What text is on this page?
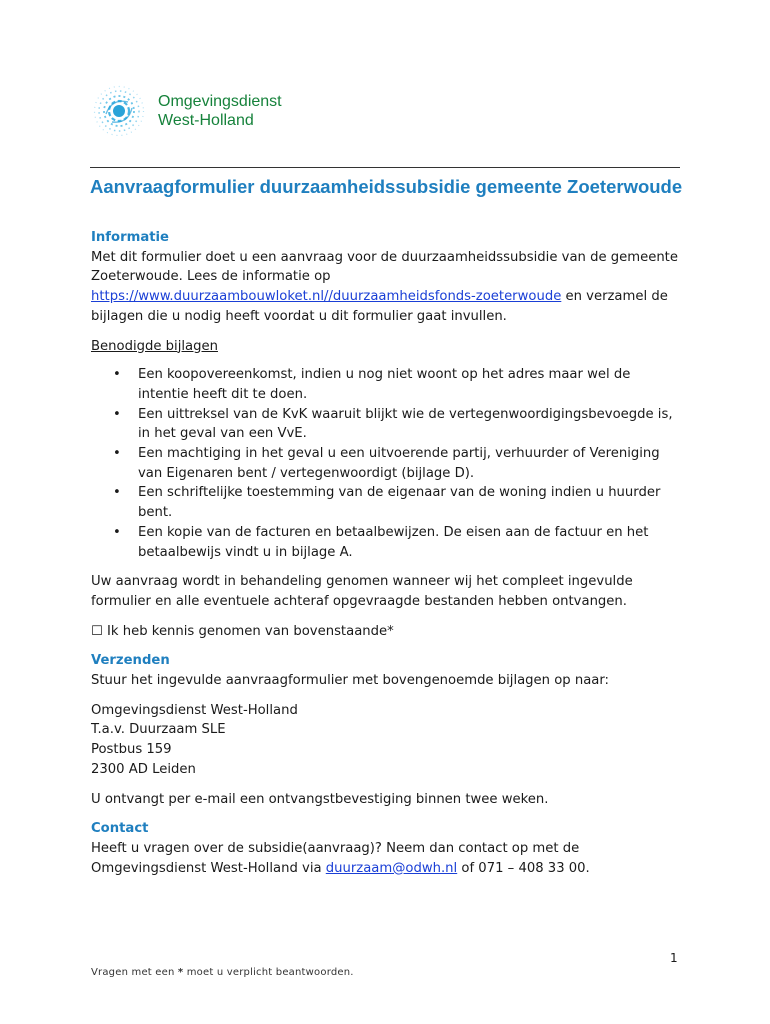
Omgevingsdienst
West-Holland
Aanvraagformulier duurzaamheidssubsidie gemeente Zoeterwoude

Informatie

Met dit formulier doet u een aanvraag voor de duurzaamheidssubsidie van de gemeente Zoeterwoude. Lees de informatie op https://www.duurzaambouwloket.nl//duurzaamheidsfonds-zoeterwoude en verzamel de bijlagen die u nodig heeft voordat u dit formulier gaat invullen.

Benodigde bijlagen

• Een koopovereenkomst, indien u nog niet woont op het adres maar wel de intentie heeft dit te doen.
• Een uittreksel van de KvK waaruit blijkt wie de vertegenwoordigingsbevoegde is, in het geval van een VvE.
• Een machtiging in het geval u een uitvoerende partij, verhuurder of Vereniging van Eigenaren bent / vertegenwoordigt (bijlage D).
• Een schriftelijke toestemming van de eigenaar van de woning indien u huurder bent.
• Een kopie van de facturen en betaalbewijzen. De eisen aan de factuur en het betaalbewijs vindt u in bijlage A.

Uw aanvraag wordt in behandeling genomen wanneer wij het compleet ingevulde formulier en alle eventuele achteraf opgevraagde bestanden hebben ontvangen.

☐ Ik heb kennis genomen van bovenstaande*

Verzenden

Stuur het ingevulde aanvraagformulier met bovengenoemde bijlagen op naar:

Omgevingsdienst West-Holland

T.a.v. Duurzaam SLE

Postbus 159

2300 AD Leiden

U ontvangt per e-mail een ontvangstbevestiging binnen twee weken.

Contact

Heeft u vragen over de subsidie(aanvraag)? Neem dan contact op met de Omgevingsdienst West-Holland via duurzaam@odwh.nl of 071 – 408 33 00.

1
Vragen met een * moet u verplicht beantwoorden.
